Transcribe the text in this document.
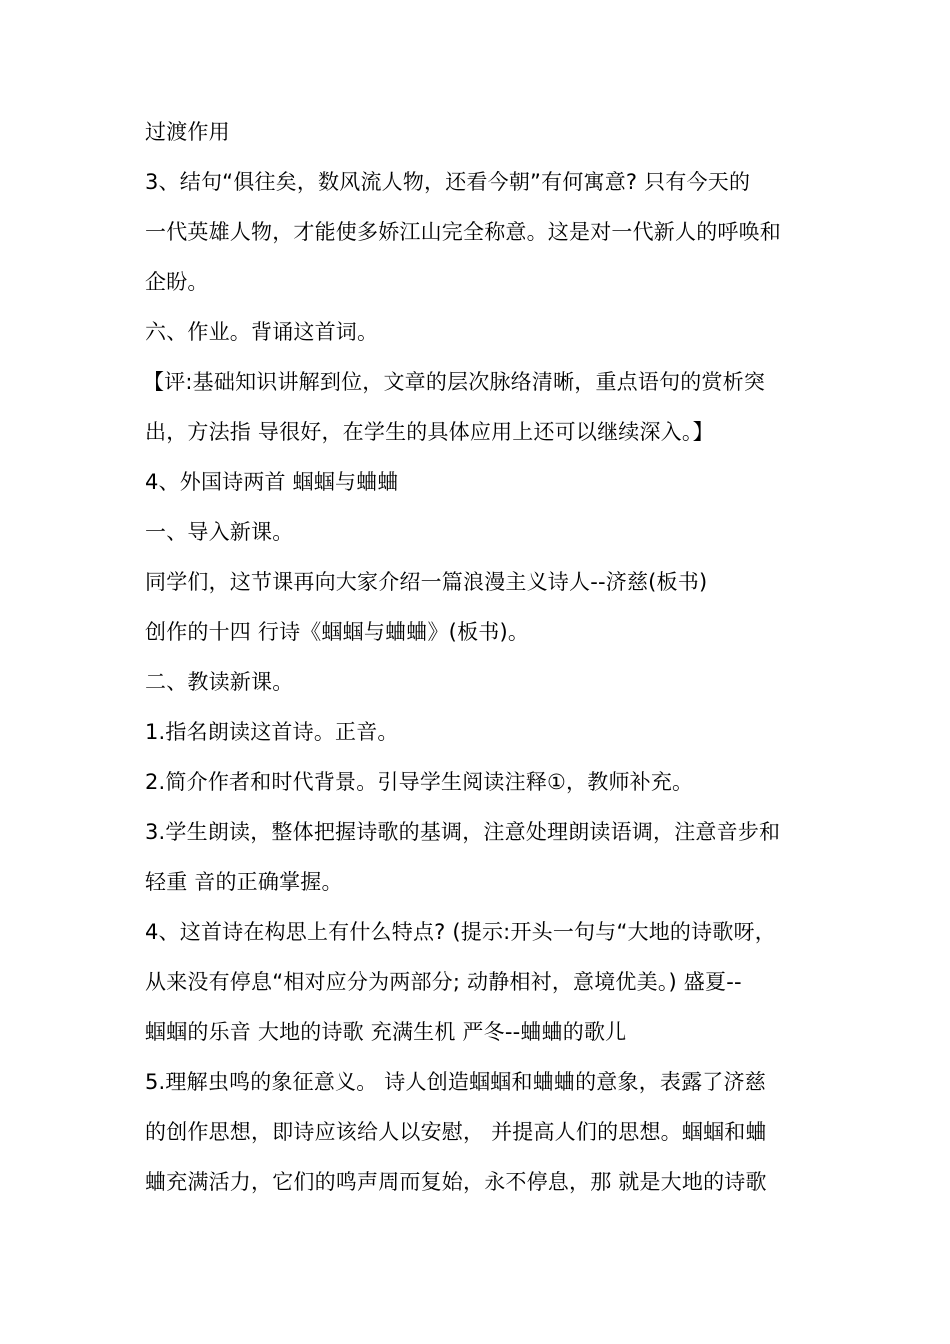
过渡作用
3、结句“俱往矣，数风流人物，还看今朝”有何寓意? 只有今天的
一代英雄人物，才能使多娇江山完全称意。这是对一代新人的呼唤和
企盼。
六、作业。背诵这首词。
【评:基础知识讲解到位，文章的层次脉络清晰，重点语句的赏析突
出，方法指 导很好，在学生的具体应用上还可以继续深入。】
4、外国诗两首 蝈蝈与蛐蛐
一、导入新课。
同学们，这节课再向大家介绍一篇浪漫主义诗人--济慈(板书)
创作的十四 行诗《蝈蝈与蛐蛐》(板书)。
二、教读新课。
1.指名朗读这首诗。正音。
2.简介作者和时代背景。引导学生阅读注释①，教师补充。
3.学生朗读，整体把握诗歌的基调，注意处理朗读语调，注意音步和
轻重 音的正确掌握。
4、这首诗在构思上有什么特点? (提示:开头一句与“大地的诗歌呀，
从来没有停息“相对应分为两部分; 动静相衬，意境优美。) 盛夏--
蝈蝈的乐音 大地的诗歌 充满生机 严冬--蛐蛐的歌儿
5.理解虫鸣的象征意义。 诗人创造蝈蝈和蛐蛐的意象，表露了济慈
的创作思想，即诗应该给人以安慰， 并提高人们的思想。蝈蝈和蛐
蛐充满活力，它们的鸣声周而复始，永不停息，那 就是大地的诗歌
